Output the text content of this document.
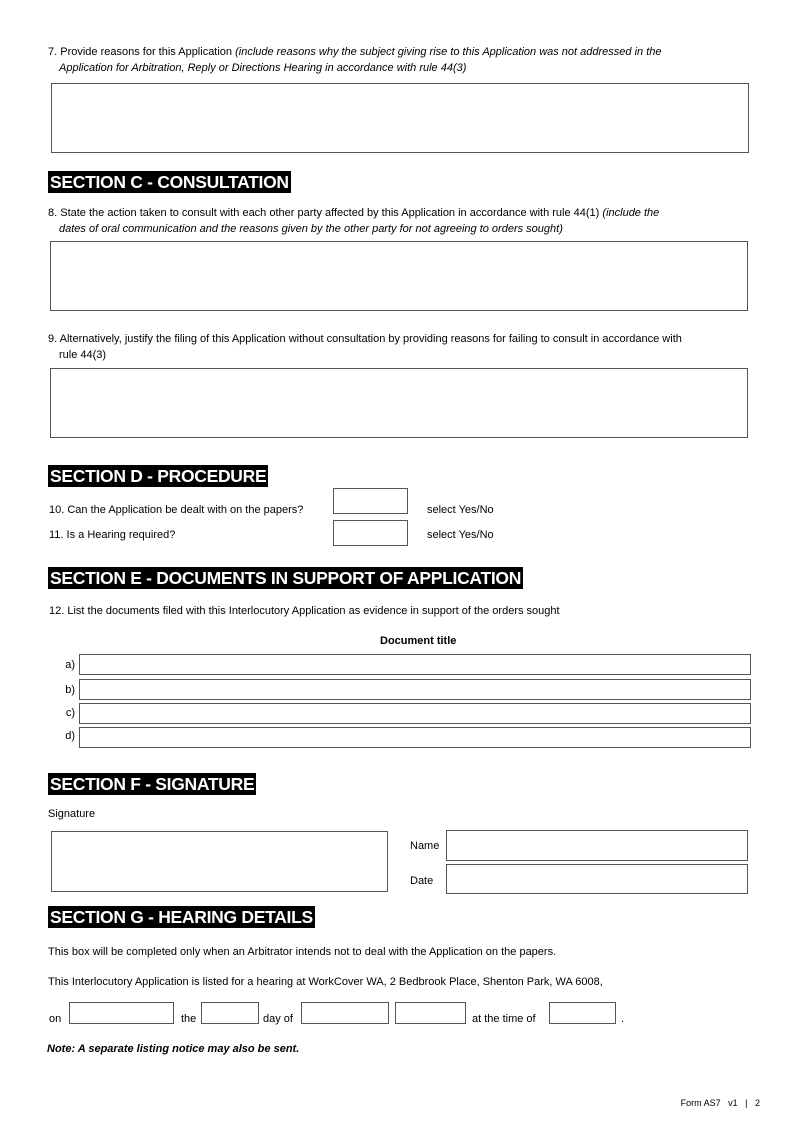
7. Provide reasons for this Application (include reasons why the subject giving rise to this Application was not addressed in the
Application for Arbitration, Reply or Directions Hearing in accordance with rule 44(3)
SECTION C - CONSULTATION
8. State the action taken to consult with each other party affected by this Application in accordance with rule 44(1) (include the
dates of oral communication and the reasons given by the other party for not agreeing to orders sought)
9. Alternatively, justify the filing of this Application without consultation by providing reasons for failing to consult in accordance with
rule 44(3)
SECTION D - PROCEDURE
10. Can the Application be dealt with on the papers?	select Yes/No
11. Is a Hearing required?	select Yes/No
SECTION E - DOCUMENTS IN SUPPORT OF APPLICATION
12. List the documents filed with this Interlocutory Application as evidence in support of the orders sought
Document title
a)
b)
c)
d)
SECTION F - SIGNATURE
Signature
Name
Date
SECTION G - HEARING DETAILS
This box will be completed only when an Arbitrator intends not to deal with the Application on the papers.
This Interlocutory Application is listed for a hearing at WorkCover WA, 2 Bedbrook Place, Shenton Park, WA 6008,
on	the	day of	at the time of	.
Note: A separate listing notice may also be sent.
Form AS7   v1   |   2
